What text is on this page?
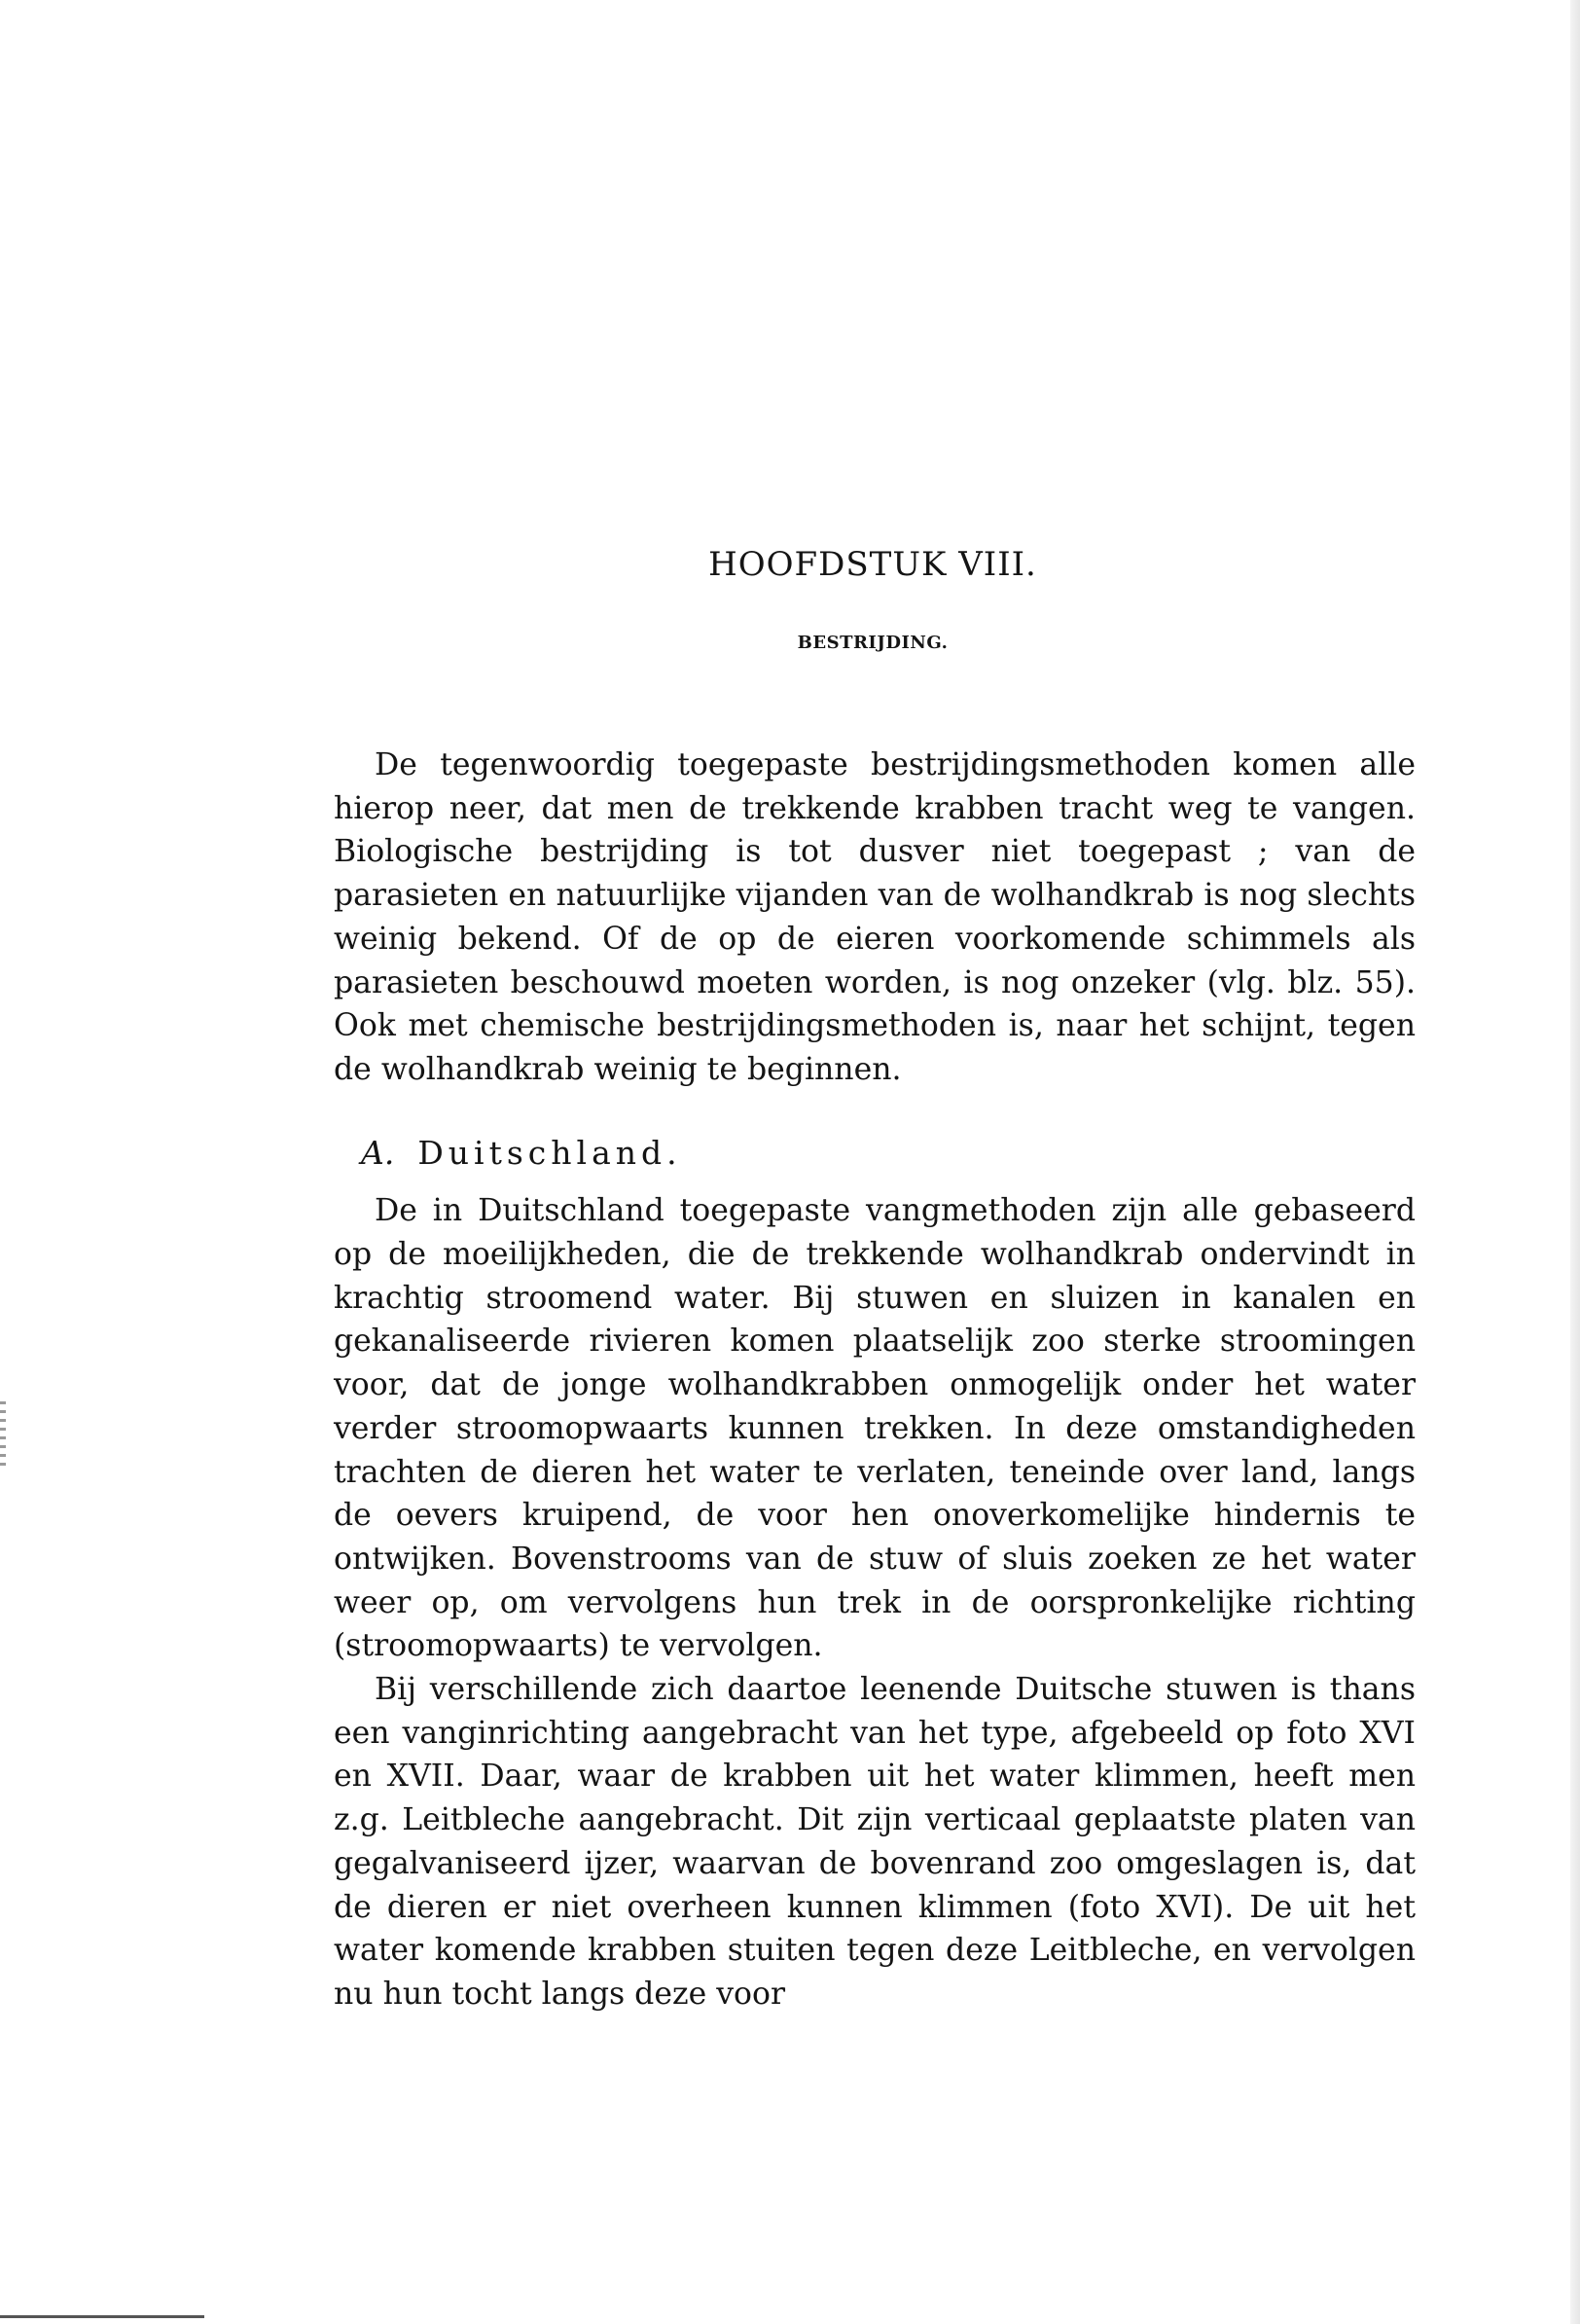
HOOFDSTUK VIII.
BESTRIJDING.

De tegenwoordig toegepaste bestrijdingsmethoden komen alle hierop neer, dat men de trekkende krabben tracht weg te vangen. Biologische bestrijding is tot dusver niet toegepast ; van de parasieten en natuurlijke vijanden van de wolhandkrab is nog slechts weinig bekend. Of de op de eieren voorkomende schimmels als parasieten beschouwd moeten worden, is nog onzeker (vlg. blz. 55). Ook met chemische bestrijdingsmethoden is, naar het schijnt, tegen de wolhandkrab weinig te beginnen.

A. Duitschland.

De in Duitschland toegepaste vangmethoden zijn alle gebaseerd op de moeilijkheden, die de trekkende wolhandkrab ondervindt in krachtig stroomend water. Bij stuwen en sluizen in kanalen en gekanaliseerde rivieren komen plaatselijk zoo sterke stroomingen voor, dat de jonge wolhandkrabben onmogelijk onder het water verder stroomopwaarts kunnen trekken. In deze omstandigheden trachten de dieren het water te verlaten, teneinde over land, langs de oevers kruipend, de voor hen onoverkomelijke hindernis te ontwijken. Bovenstrooms van de stuw of sluis zoeken ze het water weer op, om vervolgens hun trek in de oorspronkelijke richting (stroomopwaarts) te vervolgen.

Bij verschillende zich daartoe leenende Duitsche stuwen is thans een vanginrichting aangebracht van het type, afgebeeld op foto XVI en XVII. Daar, waar de krabben uit het water klimmen, heeft men z.g. Leitbleche aangebracht. Dit zijn verticaal geplaatste platen van gegalvaniseerd ijzer, waarvan de bovenrand zoo omgeslagen is, dat de dieren er niet overheen kunnen klimmen (foto XVI). De uit het water komende krabben stuiten tegen deze Leitbleche, en vervolgen nu hun tocht langs deze voor
